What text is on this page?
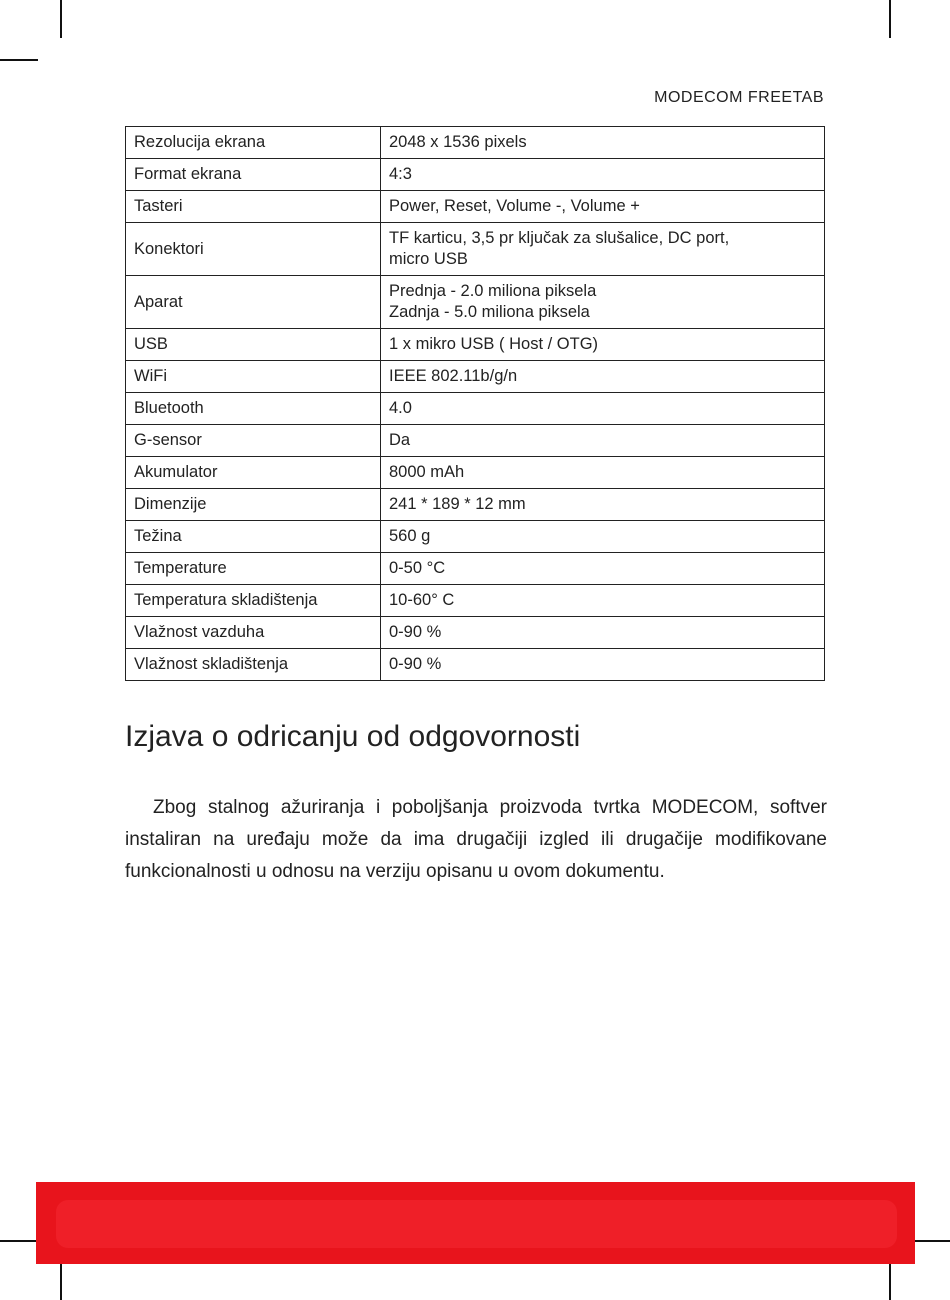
MODECOM FREETAB
Rezolucija ekrana	2048 x 1536 pixels
Format ekrana	4:3
Tasteri	Power, Reset, Volume -, Volume +
Konektori	TF karticu, 3,5 pr ključak za slušalice, DC port,
micro USB

Aparat	Prednja - 2.0 miliona piksela
Zadnja - 5.0 miliona piksela

USB	1 x mikro USB ( Host / OTG)
WiFi	IEEE 802.11b/g/n
Bluetooth	4.0
G-sensor	Da
Akumulator	8000 mAh
Dimenzije	241 * 189 * 12 mm
Težina	560 g
Temperature	0-50 °C
Temperatura skladištenja	10-60° C
Vlažnost vazduha	0-90 %
Vlažnost skladištenja	0-90 %
Izjava o odricanju od odgovornosti

Zbog stalnog ažuriranja i poboljšanja proizvoda tvrtka MODECOM, softver instaliran na uređaju može da ima drugačiji izgled ili drugačije modifikovane funkcionalnosti u odnosu na verziju opisanu u ovom dokumentu.
